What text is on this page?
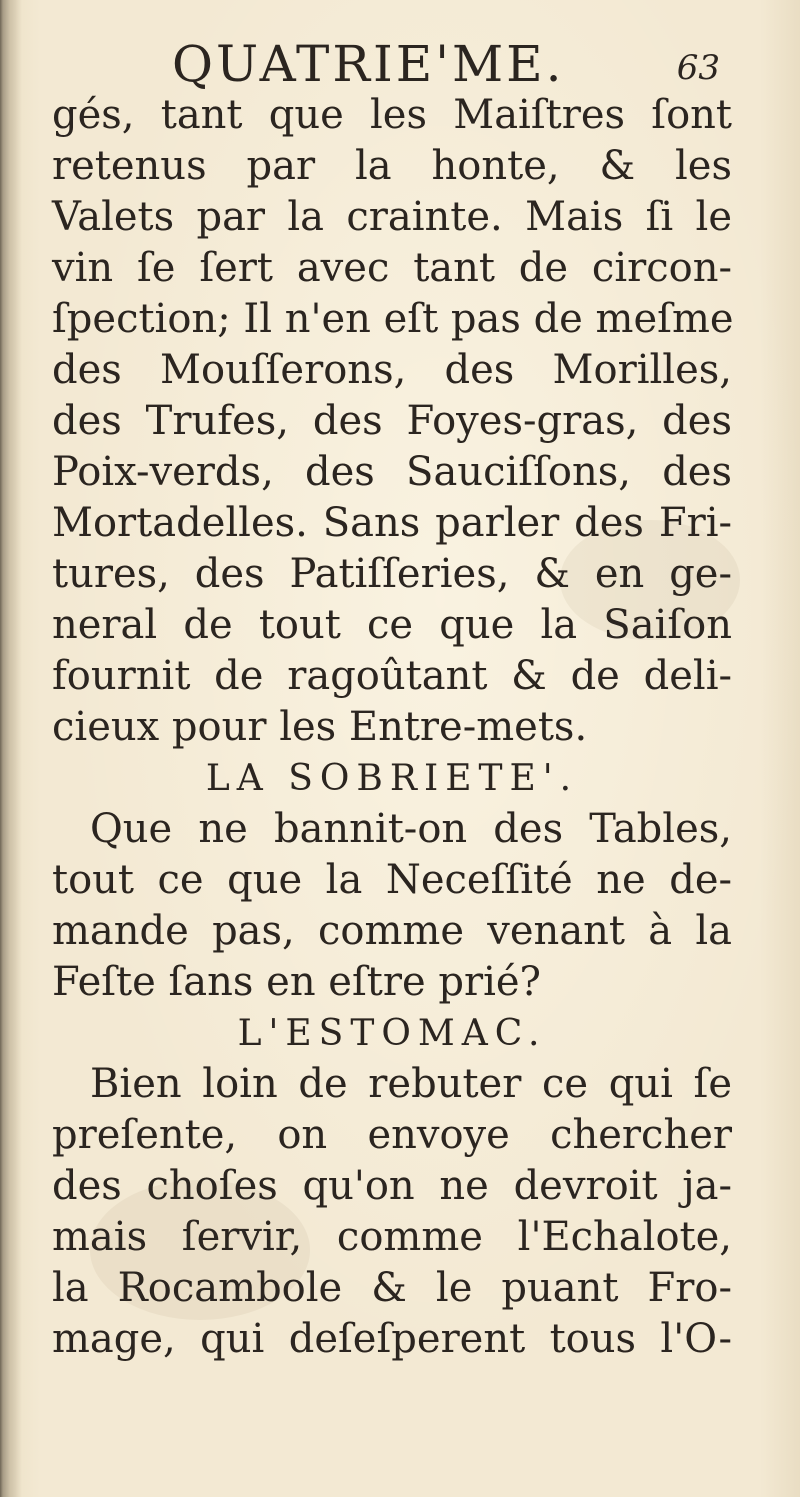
QUATRIE'ME.	63
gés, tant que les Maiſtres ſont
retenus par la honte, & les
Valets par la crainte. Mais ſi le
vin ſe ſert avec tant de circon-
ſpection; Il n'en eſt pas de meſme
des Mouſſerons, des Morilles,
des Trufes, des Foyes-gras, des
Poix-verds, des Sauciſſons, des
Mortadelles. Sans parler des Fri-
tures, des Patiſſeries, & en ge-
neral de tout ce que la Saiſon
fournit de ragoûtant & de deli-
cieux pour les Entre-mets.
LA SOBRIETE'.
Que ne bannit-on des Tables,
tout ce que la Neceſſité ne de-
mande pas, comme venant à la
Feſte ſans en eſtre prié?
L'ESTOMAC.
Bien loin de rebuter ce qui ſe
preſente, on envoye chercher
des choſes qu'on ne devroit ja-
mais ſervir, comme l'Echalote,
la Rocambole & le puant Fro-
mage, qui deſeſperent tous l'O-
